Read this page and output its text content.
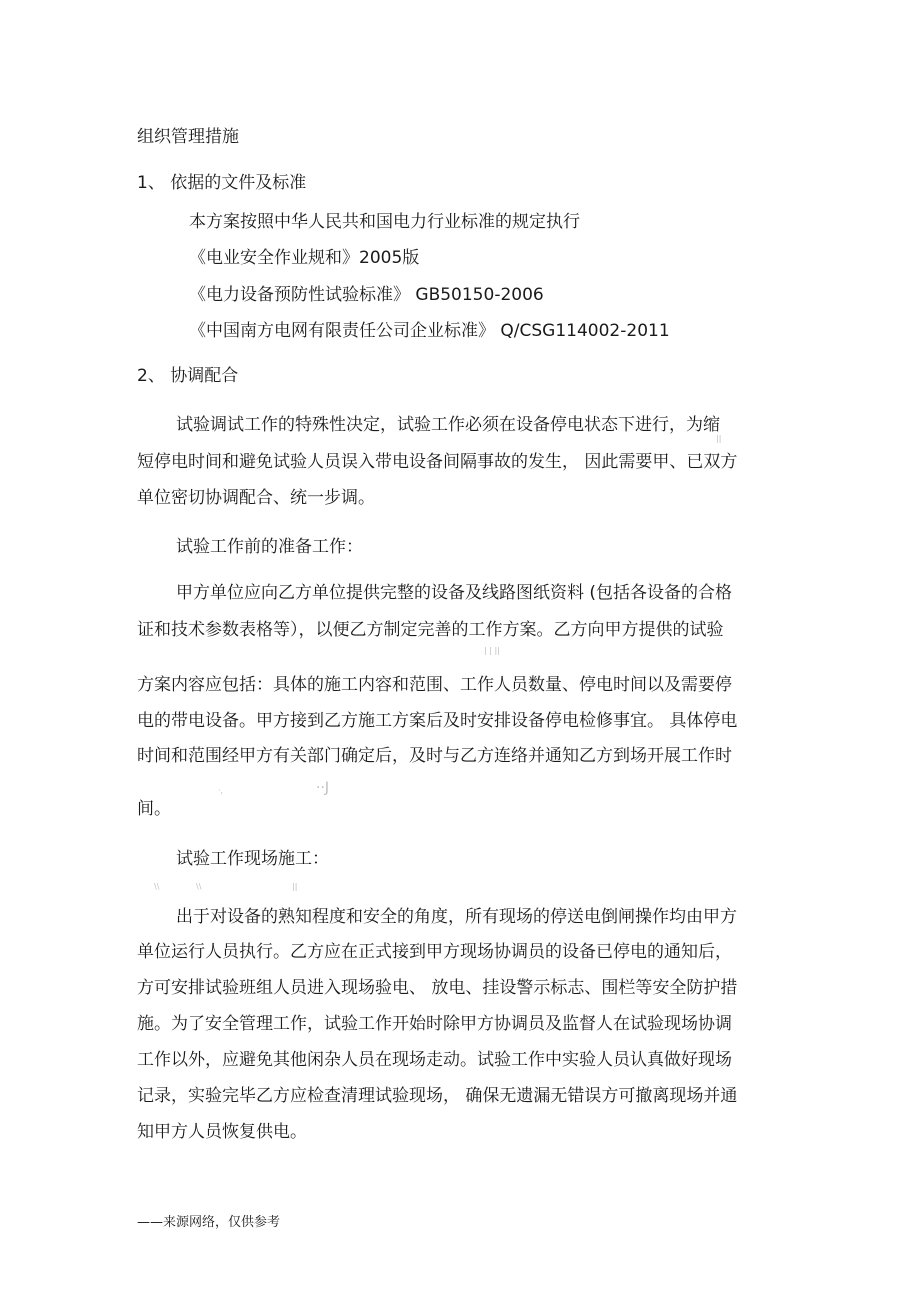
组织管理措施
1、 依据的文件及标准
本方案按照中华人民共和国电力行业标准的规定执行
《电业安全作业规和》2005版
《电力设备预防性试验标准》 GB50150-2006
《中国南方电网有限责任公司企业标准》 Q/CSG114002-2011
2、 协调配合
试验调试工作的特殊性决定，试验工作必须在设备停电状态下进行，为缩
||
短停电时间和避免试验人员误入带电设备间隔事故的发生， 因此需要甲、已双方
单位密切协调配合、统一步调。
试验工作前的准备工作：
甲方单位应向乙方单位提供完整的设备及线路图纸资料 (包括各设备的合格
证和技术参数表格等），以便乙方制定完善的工作方案。乙方向甲方提供的试验
| | ||
方案内容应包括：具体的施工内容和范围、工作人员数量、停电时间以及需要停
电的带电设备。甲方接到乙方施工方案后及时安排设备停电检修事宜。 具体停电
时间和范围经甲方有关部门确定后，及时与乙方连络并通知乙方到场开展工作时
·,	··J
间。
试验工作现场施工：
\\	\\	||
出于对设备的熟知程度和安全的角度，所有现场的停送电倒闸操作均由甲方
单位运行人员执行。乙方应在正式接到甲方现场协调员的设备已停电的通知后，
方可安排试验班组人员进入现场验电、 放电、挂设警示标志、围栏等安全防护措
施。为了安全管理工作，试验工作开始时除甲方协调员及监督人在试验现场协调
工作以外，应避免其他闲杂人员在现场走动。试验工作中实验人员认真做好现场
记录，实验完毕乙方应检查清理试验现场， 确保无遗漏无错误方可撤离现场并通
知甲方人员恢复供电。
——来源网络，仅供参考
